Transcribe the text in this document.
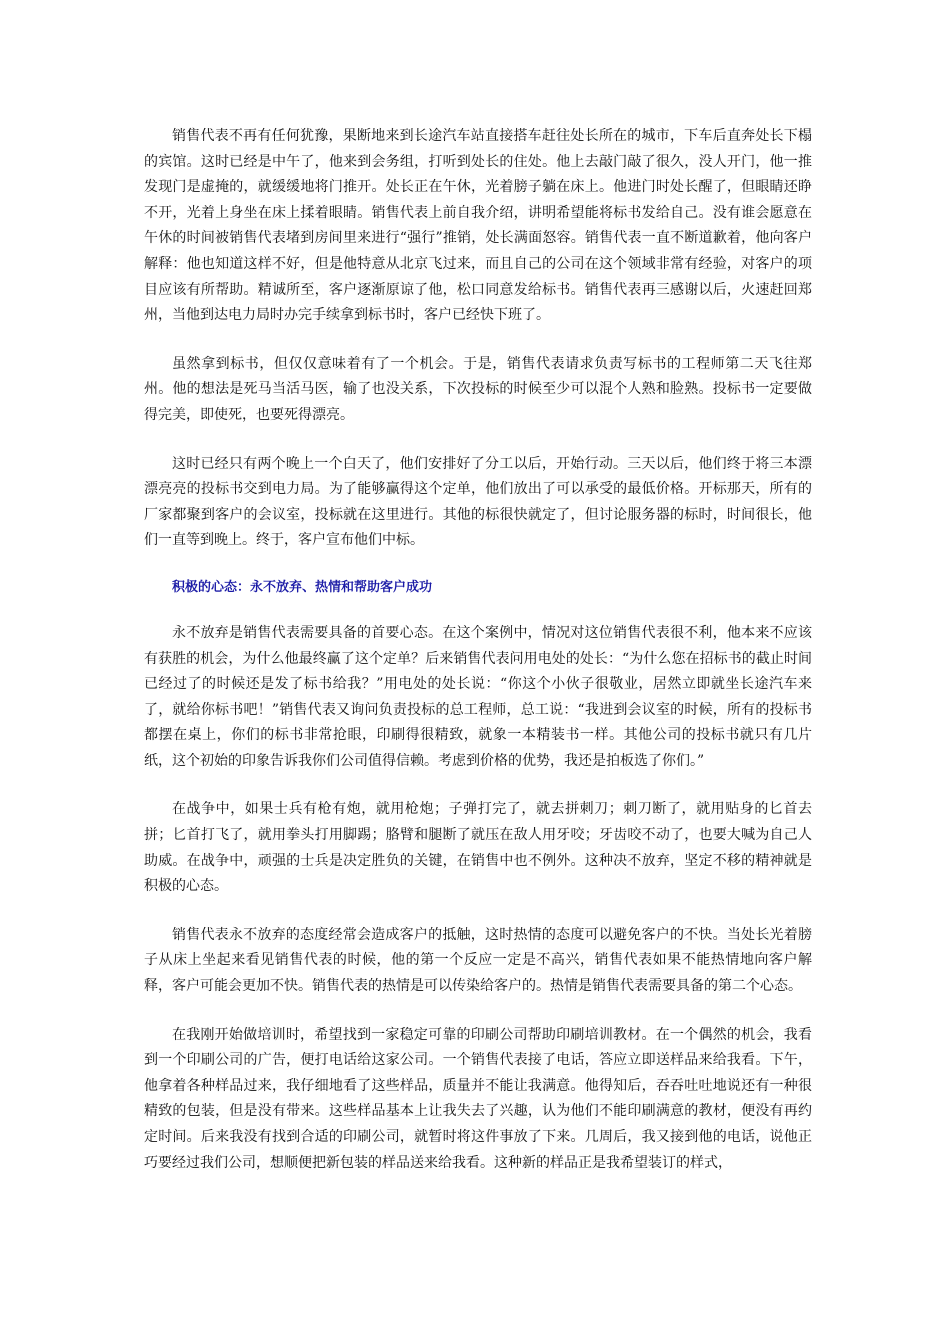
销售代表不再有任何犹豫，果断地来到长途汽车站直接搭车赶往处长所在的城市，下车后直奔处长下榻的宾馆。这时已经是中午了，他来到会务组，打听到处长的住处。他上去敲门敲了很久，没人开门，他一推发现门是虚掩的，就缓缓地将门推开。处长正在午休，光着膀子躺在床上。他进门时处长醒了，但眼睛还睁不开，光着上身坐在床上揉着眼睛。销售代表上前自我介绍，讲明希望能将标书发给自己。没有谁会愿意在午休的时间被销售代表堵到房间里来进行“强行”推销，处长满面怒容。销售代表一直不断道歉着，他向客户解释：他也知道这样不好，但是他特意从北京飞过来，而且自己的公司在这个领域非常有经验，对客户的项目应该有所帮助。精诚所至，客户逐渐原谅了他，松口同意发给标书。销售代表再三感谢以后，火速赶回郑州，当他到达电力局时办完手续拿到标书时，客户已经快下班了。

虽然拿到标书，但仅仅意味着有了一个机会。于是，销售代表请求负责写标书的工程师第二天飞往郑州。他的想法是死马当活马医，输了也没关系，下次投标的时候至少可以混个人熟和脸熟。投标书一定要做得完美，即使死，也要死得漂亮。

这时已经只有两个晚上一个白天了，他们安排好了分工以后，开始行动。三天以后，他们终于将三本漂漂亮亮的投标书交到电力局。为了能够赢得这个定单，他们放出了可以承受的最低价格。开标那天，所有的厂家都聚到客户的会议室，投标就在这里进行。其他的标很快就定了，但讨论服务器的标时，时间很长，他们一直等到晚上。终于，客户宣布他们中标。

积极的心态：永不放弃、热情和帮助客户成功

永不放弃是销售代表需要具备的首要心态。在这个案例中，情况对这位销售代表很不利，他本来不应该有获胜的机会，为什么他最终赢了这个定单？后来销售代表问用电处的处长：“为什么您在招标书的截止时间已经过了的时候还是发了标书给我？”用电处的处长说：“你这个小伙子很敬业，居然立即就坐长途汽车来了，就给你标书吧！”销售代表又询问负责投标的总工程师，总工说：“我进到会议室的时候，所有的投标书都摆在桌上，你们的标书非常抢眼，印刷得很精致，就象一本精装书一样。其他公司的投标书就只有几片纸，这个初始的印象告诉我你们公司值得信赖。考虑到价格的优势，我还是拍板选了你们。”

在战争中，如果士兵有枪有炮，就用枪炮；子弹打完了，就去拼刺刀；刺刀断了，就用贴身的匕首去拼；匕首打飞了，就用拳头打用脚踢；胳臂和腿断了就压在敌人用牙咬；牙齿咬不动了，也要大喊为自己人助威。在战争中，顽强的士兵是决定胜负的关键，在销售中也不例外。这种决不放弃，坚定不移的精神就是积极的心态。

销售代表永不放弃的态度经常会造成客户的抵触，这时热情的态度可以避免客户的不快。当处长光着膀子从床上坐起来看见销售代表的时候，他的第一个反应一定是不高兴，销售代表如果不能热情地向客户解释，客户可能会更加不快。销售代表的热情是可以传染给客户的。热情是销售代表需要具备的第二个心态。

在我刚开始做培训时，希望找到一家稳定可靠的印刷公司帮助印刷培训教材。在一个偶然的机会，我看到一个印刷公司的广告，便打电话给这家公司。一个销售代表接了电话，答应立即送样品来给我看。下午，他拿着各种样品过来，我仔细地看了这些样品，质量并不能让我满意。他得知后，吞吞吐吐地说还有一种很精致的包装，但是没有带来。这些样品基本上让我失去了兴趣，认为他们不能印刷满意的教材，便没有再约定时间。后来我没有找到合适的印刷公司，就暂时将这件事放了下来。几周后，我又接到他的电话，说他正巧要经过我们公司，想顺便把新包装的样品送来给我看。这种新的样品正是我希望装订的样式，
